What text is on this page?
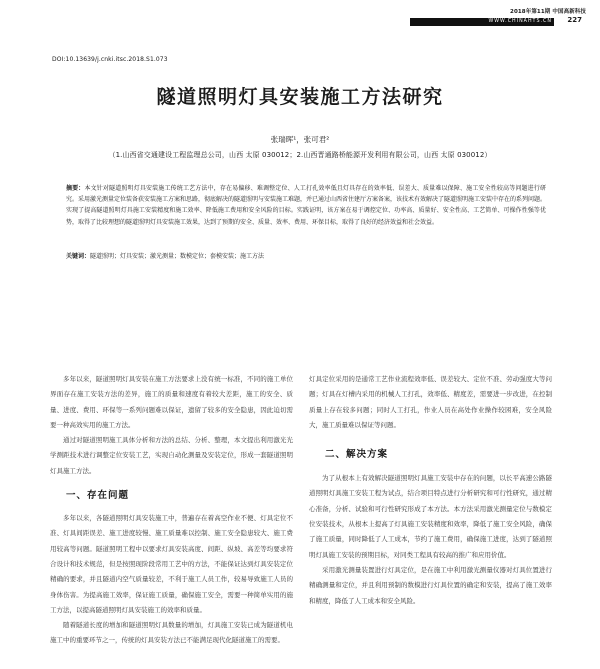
2018年第11期 中国高新科技
WWW.CHINAHTS.CN 227
DOI:10.13639/j.cnki.itsc.2018.S1.073
隧道照明灯具安装施工方法研究
张瑞晖¹，张可君²
（1.山西省交通建设工程监理总公司，山西 太原 030012；2.山西晋通路桥能源开发利用有限公司，山西 太原 030012）
摘要：本文针对隧道照明灯具安装施工传统工艺方法中，存在易偏移、难调整定位、人工打孔效率低且灯具存在的效率低、误差大、质量难以保障、施工安全性较高等问题进行研究。采用激光测量定位装备获安装施工方案和思路，彻底解决的隧道照明与安装施工难题，并已通过山西省住建厅方案备案，该技术有效解决了隧道照明施工安装中存在的系列问题。实现了提高隧道照明灯具施工安装精度和施工效率、降低施工费用和安全风险的目标。实践证明，该方案在易于调控定位、功率高、质量好、安全性高、工艺简单、可操作性强等优势，取得了比较理想的隧道照明灯具安装施工效果，达到了预期的安全、质量、效率、费用、环保目标，取得了良好的经济效益和社会效益。
关键词：隧道照明；灯具安装；激光测量；数模定位；套模安装；施工方法

多年以来，隧道照明灯具安装在施工方法要求上没有统一标准，不同的施工单位界面存在施工安装方法的差异，施工的质量和速度有着较大差距，施工的安全、质量、进度、费用、环保等一系列问题难以保证，遗留了较多的安全隐患，因此迫切需要一种高效实用的施工方法。

通过对隧道照明施工具体分析和方法的总结、分析、整理，本文提出利用激光光学测距技术进行调整定位安装工艺，实现自动化测量及安装定位，形成一套隧道照明灯具施工方法。

一、存在问题

多年以来，各隧道照明灯具安装施工中，普遍存在着高空作业不便、灯具定位不准、灯具间距误差、施工进度较慢、施工质量难以控制、施工安全隐患较大、施工费用较高等问题。隧道照明工程中以要求灯具安装高度、间距、纵坡、高差等均要求符合设计和技术规范，但是按照现阶段常用工艺中的方法，不能保证达到灯具安装定位精确的要求，并且隧道内空气质量较差，不利于施工人员工作，较易导致施工人员的身体伤害。为提高施工效率，保证施工质量，确保施工安全，需要一种简单实用的施工方法，以提高隧道照明灯具安装施工的效率和质量。

随着隧道长度的增加和隧道照明灯具数量的增加，灯具施工安装已成为隧道机电施工中的重要环节之一，传统的灯具安装方法已不能满足现代化隧道施工的需要。

灯具定位采用的是通常工艺作业流程效率低、误差较大、定位不准、劳动强度大等问题；灯具在灯槽内采用的机械人工打孔，效率低、精度差，需要进一步改进，在控制质量上存在较多问题；同时人工打孔，作业人员在高处作业操作较困难，安全风险大，施工质量难以保证等问题。

二、解决方案

为了从根本上有效解决隧道照明灯具施工安装中存在的问题，以长平高速公路隧道照明灯具施工安装工程为试点，结合项目特点进行分析研究和可行性研究，通过精心准备，分析、试验和可行性研究形成了本方法。本方法采用激光测量定位与数模定位安装技术，从根本上提高了灯具施工安装精度和效率，降低了施工安全风险，确保了施工质量，同时降低了人工成本，节约了施工费用，确保施工进度，达到了隧道照明灯具施工安装的预期目标，对同类工程具有较高的推广和应用价值。

采用激光测量装置进行灯具定位，是在施工中利用激光测量仪器对灯具位置进行精确测量和定位，并且利用预制的数模进行灯具位置的确定和安装，提高了施工效率和精度，降低了人工成本和安全风险。
